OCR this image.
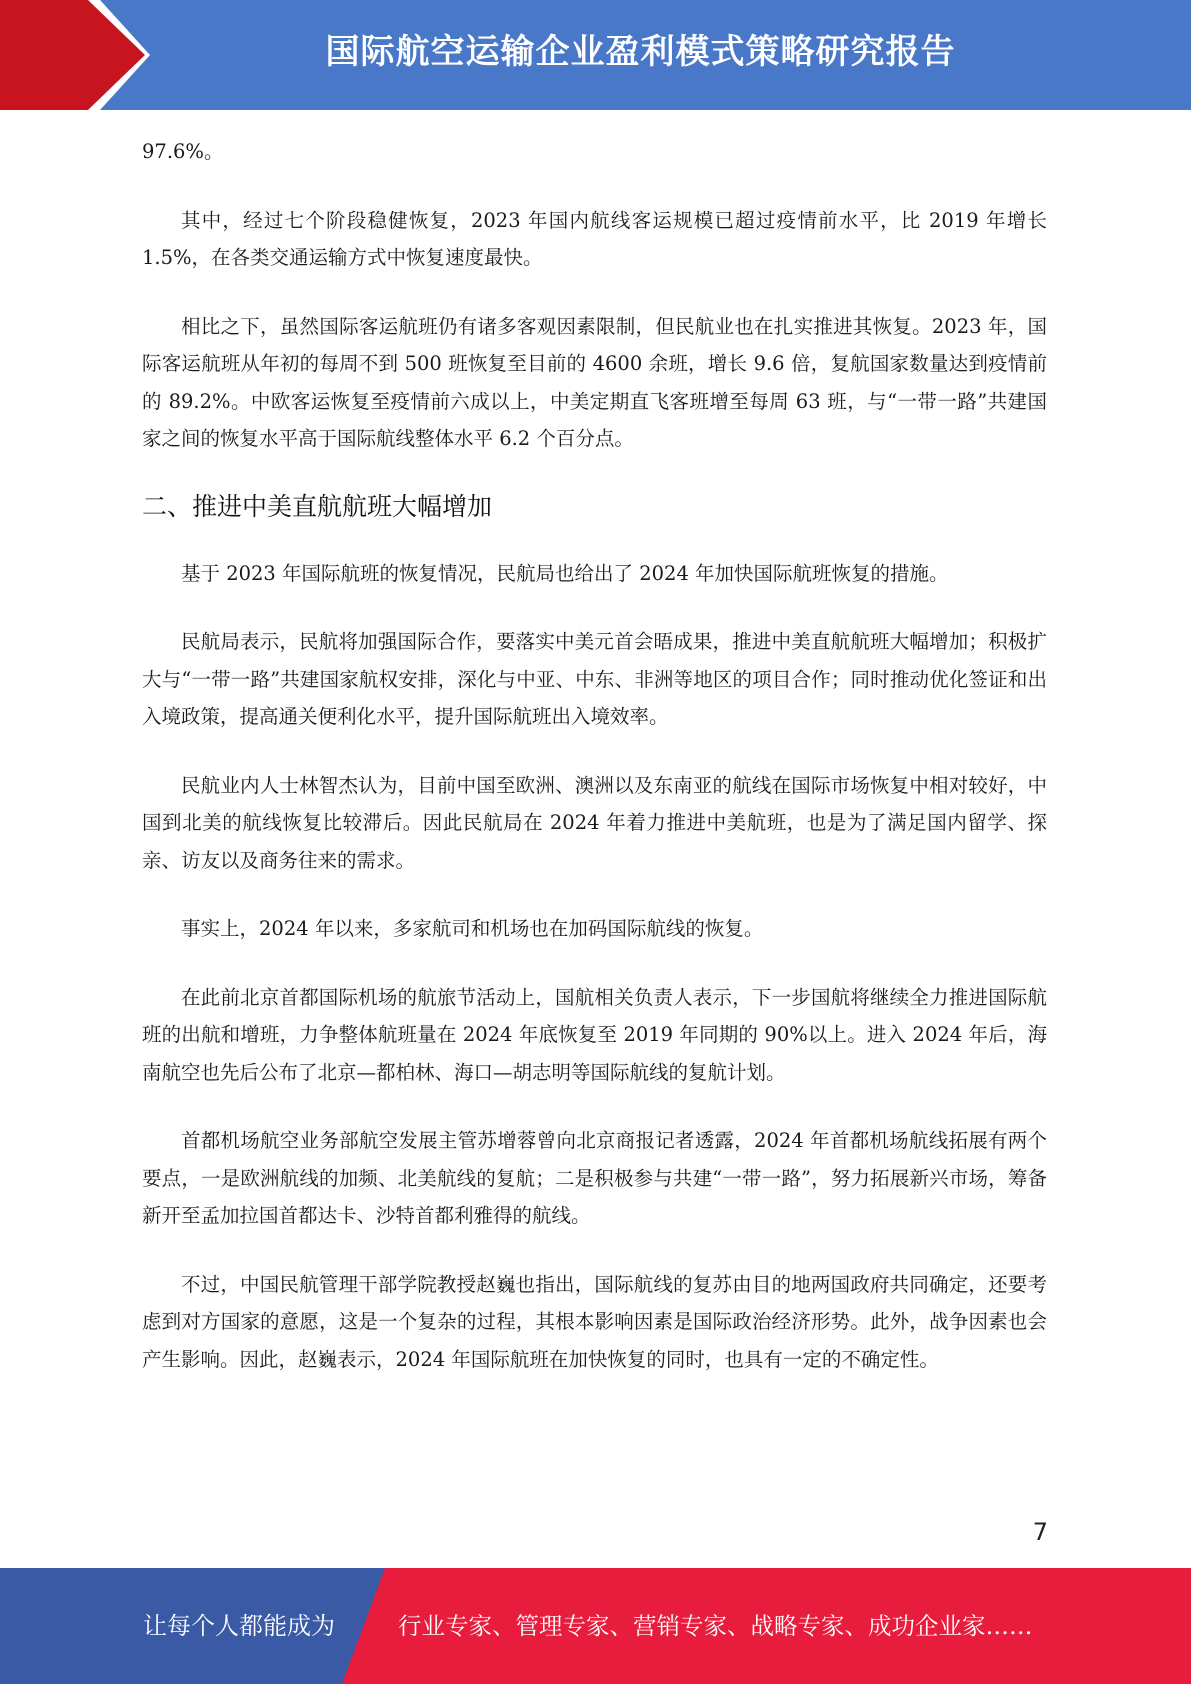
国际航空运输企业盈利模式策略研究报告

97.6%。

其中，经过七个阶段稳健恢复，2023 年国内航线客运规模已超过疫情前水平，比 2019 年增长 1.5%，在各类交通运输方式中恢复速度最快。

相比之下，虽然国际客运航班仍有诸多客观因素限制，但民航业也在扎实推进其恢复。2023 年，国际客运航班从年初的每周不到 500 班恢复至目前的 4600 余班，增长 9.6 倍，复航国家数量达到疫情前的 89.2%。中欧客运恢复至疫情前六成以上，中美定期直飞客班增至每周 63 班，与“一带一路”共建国家之间的恢复水平高于国际航线整体水平 6.2 个百分点。

二、推进中美直航航班大幅增加

基于 2023 年国际航班的恢复情况，民航局也给出了 2024 年加快国际航班恢复的措施。

民航局表示，民航将加强国际合作，要落实中美元首会晤成果，推进中美直航航班大幅增加；积极扩大与“一带一路”共建国家航权安排，深化与中亚、中东、非洲等地区的项目合作；同时推动优化签证和出入境政策，提高通关便利化水平，提升国际航班出入境效率。

民航业内人士林智杰认为，目前中国至欧洲、澳洲以及东南亚的航线在国际市场恢复中相对较好，中国到北美的航线恢复比较滞后。因此民航局在 2024 年着力推进中美航班，也是为了满足国内留学、探亲、访友以及商务往来的需求。

事实上，2024 年以来，多家航司和机场也在加码国际航线的恢复。

在此前北京首都国际机场的航旅节活动上，国航相关负责人表示，下一步国航将继续全力推进国际航班的出航和增班，力争整体航班量在 2024 年底恢复至 2019 年同期的 90%以上。进入 2024 年后，海南航空也先后公布了北京—都柏林、海口—胡志明等国际航线的复航计划。

首都机场航空业务部航空发展主管苏增蓉曾向北京商报记者透露，2024 年首都机场航线拓展有两个要点，一是欧洲航线的加频、北美航线的复航；二是积极参与共建“一带一路”，努力拓展新兴市场，筹备新开至孟加拉国首都达卡、沙特首都利雅得的航线。

不过，中国民航管理干部学院教授赵巍也指出，国际航线的复苏由目的地两国政府共同确定，还要考虑到对方国家的意愿，这是一个复杂的过程，其根本影响因素是国际政治经济形势。此外，战争因素也会产生影响。因此，赵巍表示，2024 年国际航班在加快恢复的同时，也具有一定的不确定性。

7
让每个人都能成为	行业专家、管理专家、营销专家、战略专家、成功企业家……
